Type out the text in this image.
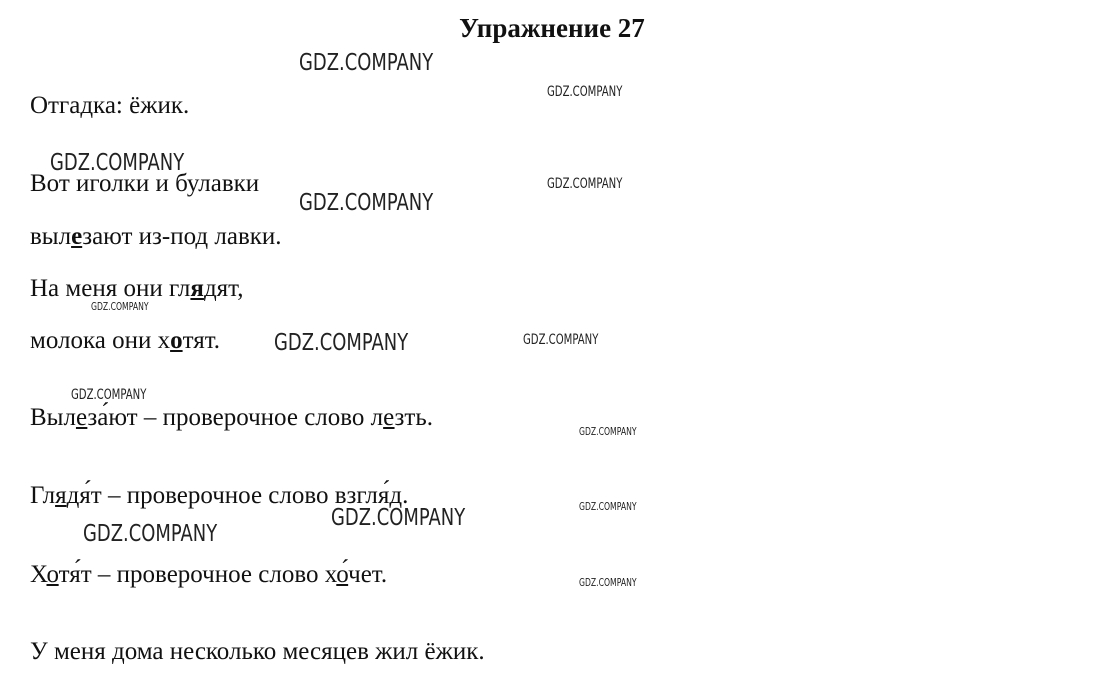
Упражнение 27
Отгадка: ёжик.
Вот иголки и булавки
вылезают из-под лавки.
На меня они глядят,
молока они хотят.
Вылеза́ют – проверочное слово лезть.
Глядя́т – проверочное слово взгля́д.
Хотя́т – проверочное слово хо́чет.
У меня дома несколько месяцев жил ёжик.
GDZ.COMPANY
GDZ.COMPANY
GDZ.COMPANY
GDZ.COMPANY
GDZ.COMPANY
GDZ.COMPANY
GDZ.COMPANY	GDZ.COMPANY
GDZ.COMPANY
GDZ.COMPANY
GDZ.COMPANY
GDZ.COMPANY
GDZ.COMPANY
GDZ.COMPANY
